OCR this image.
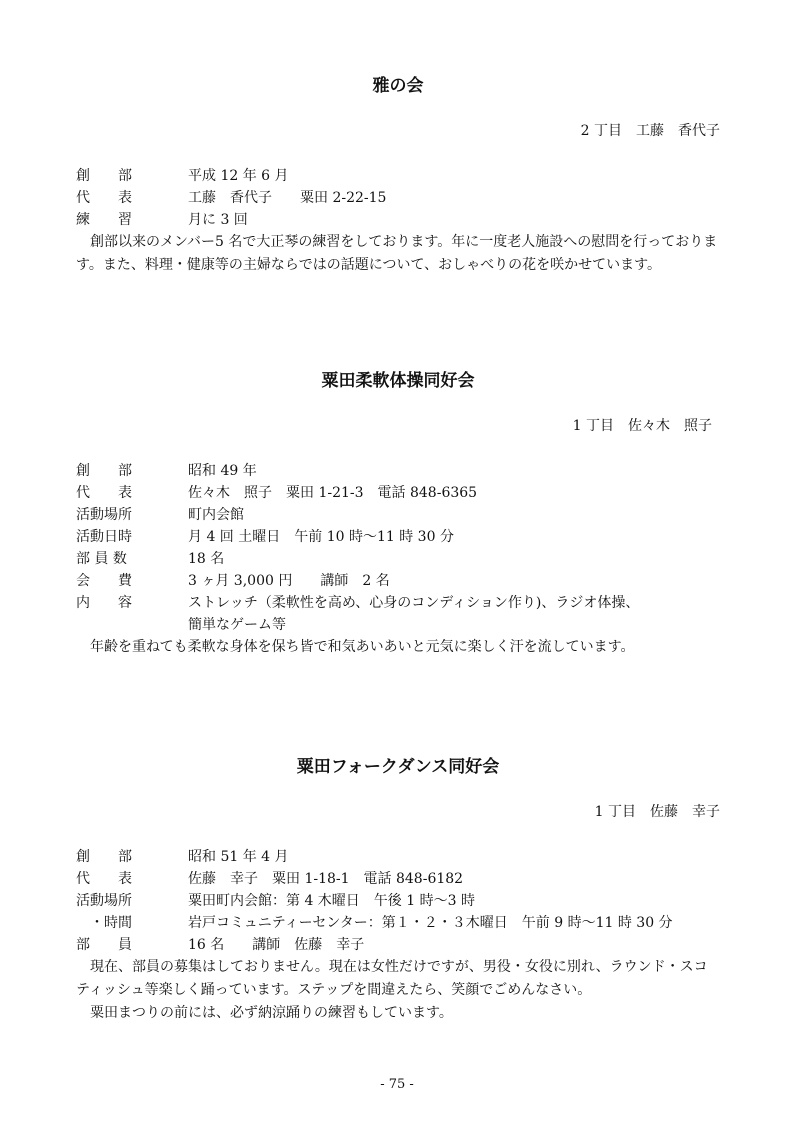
雅の会
2 丁目　工藤　香代子
創　　部	平成 12 年 6 月
代　　表	工藤　香代子　　粟田 2-22-15
練　　習	月に 3 回

創部以来のメンバー5 名で大正琴の練習をしております。年に一度老人施設への慰問を行っております。また、料理・健康等の主婦ならではの話題について、おしゃべりの花を咲かせています。

粟田柔軟体操同好会
1 丁目　佐々木　照子
創　　部	昭和 49 年
代　　表	佐々木　照子　粟田 1-21-3　電話 848-6365
活動場所	町内会館
活動日時	月 4 回 土曜日　午前 10 時～11 時 30 分
部 員 数	18 名
会　　費	3 ヶ月 3,000 円　　講師　2 名
内　　容	ストレッチ（柔軟性を高め、心身のコンディション作り)、ラジオ体操、
簡単なゲーム等

年齢を重ねても柔軟な身体を保ち皆で和気あいあいと元気に楽しく汗を流しています。

粟田フォークダンス同好会
1 丁目　佐藤　幸子
創　　部	昭和 51 年 4 月
代　　表	佐藤　幸子　粟田 1-18-1　電話 848-6182
活動場所	粟田町内会館：第 4 木曜日　午後 1 時～3 時
　・時間	岩戸コミュニティーセンター：第１・２・３木曜日　午前 9 時～11 時 30 分
部　　員	16 名　　講師　佐藤　幸子

現在、部員の募集はしておりません。現在は女性だけですが、男役・女役に別れ、ラウンド・スコティッシュ等楽しく踊っています。ステップを間違えたら、笑顔でごめんなさい。

粟田まつりの前には、必ず納涼踊りの練習もしています。

- 75 -
